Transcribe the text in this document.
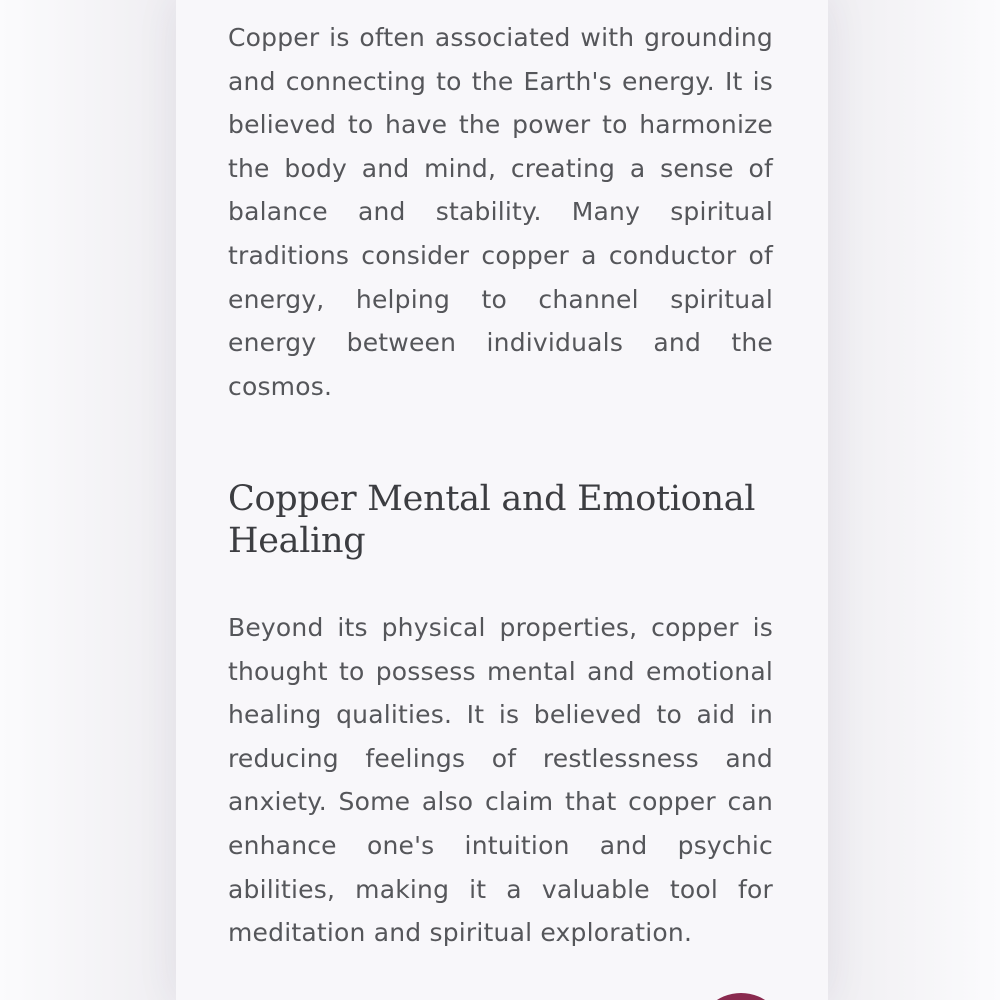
Copper is often associated with grounding and connecting to the Earth's energy. It is believed to have the power to harmonize the body and mind, creating a sense of balance and stability. Many spiritual traditions consider copper a conductor of energy, helping to channel spiritual energy between individuals and the cosmos.

Copper Mental and Emotional Healing

Beyond its physical properties, copper is thought to possess mental and emotional healing qualities. It is believed to aid in reducing feelings of restlessness and anxiety. Some also claim that copper can enhance one's intuition and psychic abilities, making it a valuable tool for meditation and spiritual exploration.
